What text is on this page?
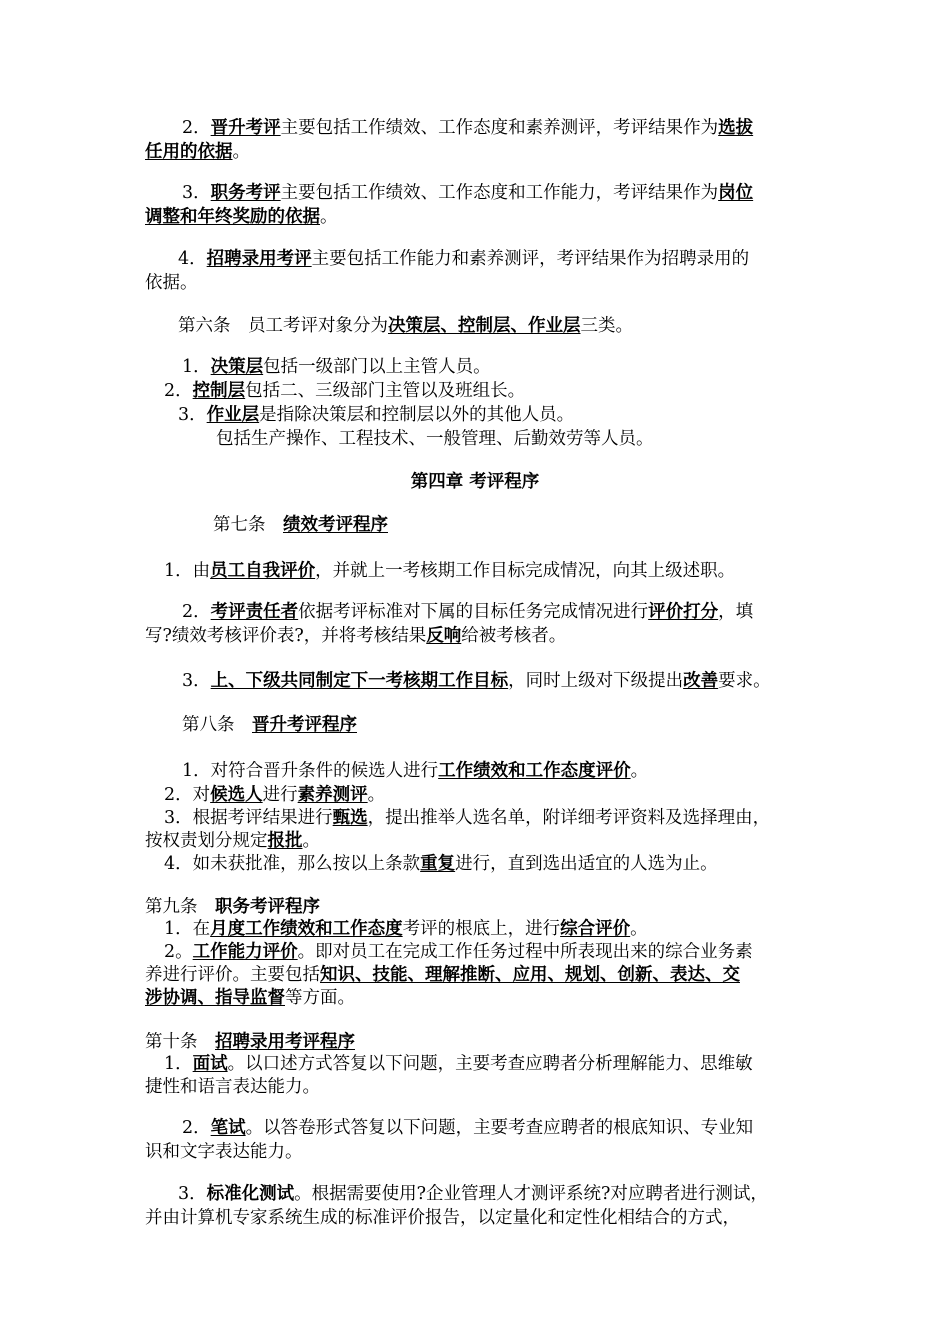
2．晋升考评主要包括工作绩效、工作态度和素养测评，考评结果作为选拔
任用的依据。
3．职务考评主要包括工作绩效、工作态度和工作能力，考评结果作为岗位
调整和年终奖励的依据。
4．招聘录用考评主要包括工作能力和素养测评，考评结果作为招聘录用的
依据。
第六条　员工考评对象分为决策层、控制层、作业层三类。
1．决策层包括一级部门以上主管人员。
2．控制层包括二、三级部门主管以及班组长。
3．作业层是指除决策层和控制层以外的其他人员。
包括生产操作、工程技术、一般管理、后勤效劳等人员。
第四章 考评程序
第七条　绩效考评程序
1．由员工自我评价，并就上一考核期工作目标完成情况，向其上级述职。
2．考评责任者依据考评标准对下属的目标任务完成情况进行评价打分，填
写?绩效考核评价表?，并将考核结果反响给被考核者。
3．上、下级共同制定下一考核期工作目标，同时上级对下级提出改善要求。
第八条　晋升考评程序
1．对符合晋升条件的候选人进行工作绩效和工作态度评价。
2．对候选人进行素养测评。
3．根据考评结果进行甄选，提出推举人选名单，附详细考评资料及选择理由，
按权责划分规定报批。
4．如未获批准，那么按以上条款重复进行，直到选出适宜的人选为止。
第九条　职务考评程序
1．在月度工作绩效和工作态度考评的根底上，进行综合评价。
2。工作能力评价。即对员工在完成工作任务过程中所表现出来的综合业务素
养进行评价。主要包括知识、技能、理解推断、应用、规划、创新、表达、交
涉协调、指导监督等方面。
第十条　招聘录用考评程序
1．面试。以口述方式答复以下问题，主要考查应聘者分析理解能力、思维敏
捷性和语言表达能力。
2．笔试。以答卷形式答复以下问题，主要考查应聘者的根底知识、专业知
识和文字表达能力。
3．标准化测试。根据需要使用?企业管理人才测评系统?对应聘者进行测试，
并由计算机专家系统生成的标准评价报告，以定量化和定性化相结合的方式，
